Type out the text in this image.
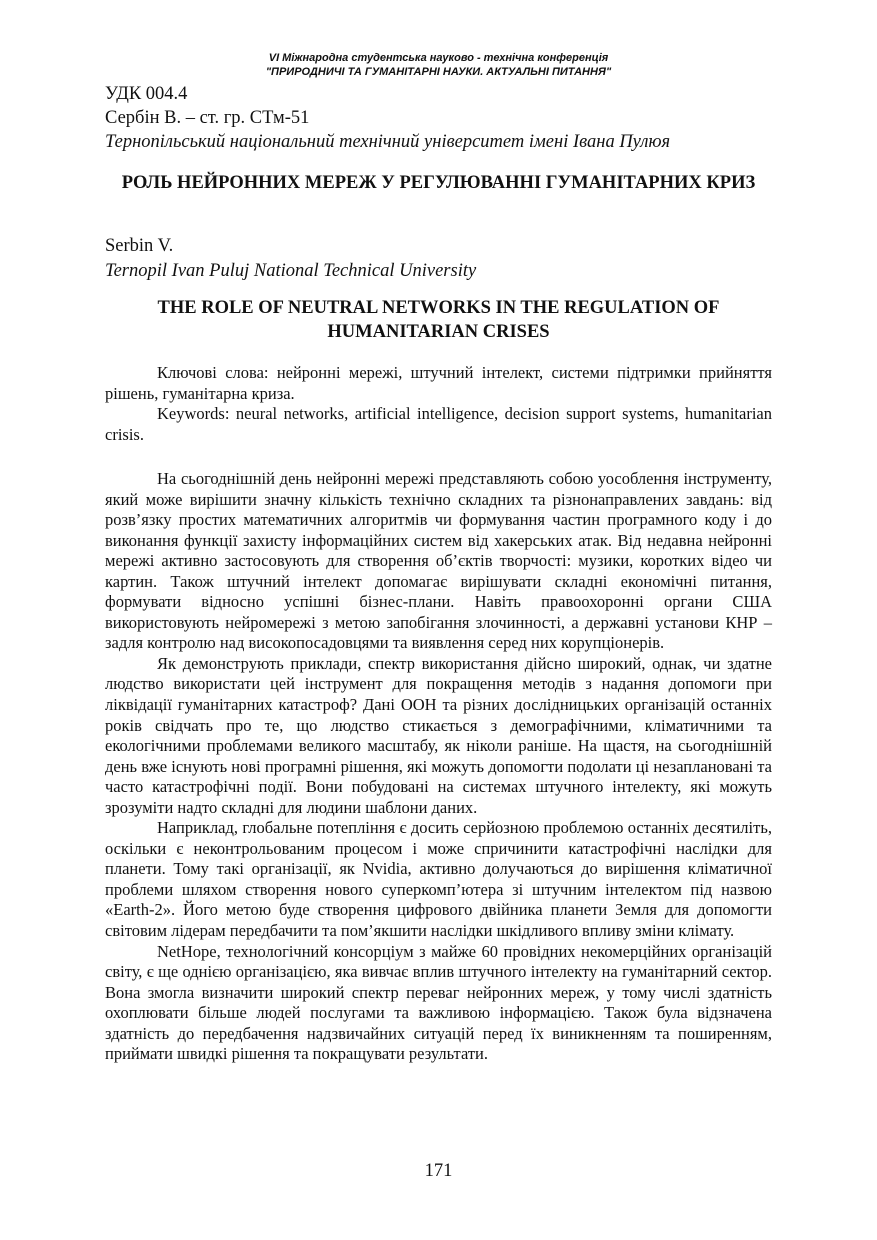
VI Міжнародна студентська науково - технічна конференція
"ПРИРОДНИЧІ ТА ГУМАНІТАРНІ НАУКИ. АКТУАЛЬНІ ПИТАННЯ"
УДК 004.4
Сербін В. – ст. гр. СТм-51
Тернопільський національний технічний університет імені Івана Пулюя
РОЛЬ НЕЙРОННИХ МЕРЕЖ У РЕГУЛЮВАННІ ГУМАНІТАРНИХ КРИЗ
Serbin V.
Ternopil Ivan Puluj National Technical University
THE ROLE OF NEUTRAL NETWORKS IN THE REGULATION OF HUMANITARIAN CRISES

Ключові слова: нейронні мережі, штучний інтелект, системи підтримки прийняття рішень, гуманітарна криза.

Keywords: neural networks, artificial intelligence, decision support systems, humanitarian crisis.

На сьогоднішній день нейронні мережі представляють собою уособлення інструменту, який може вирішити значну кількість технічно складних та різнонаправлених завдань: від розв’язку простих математичних алгоритмів чи формування частин програмного коду і до виконання функції захисту інформаційних систем від хакерських атак. Від недавна нейронні мережі активно застосовують для створення об’єктів творчості: музики, коротких відео чи картин. Також штучний інтелект допомагає вирішувати складні економічні питання, формувати відносно успішні бізнес-плани. Навіть правоохоронні органи США використовують нейромережі з метою запобігання злочинності, а державні установи КНР – задля контролю над високопосадовцями та виявлення серед них корупціонерів.

Як демонструють приклади, спектр використання дійсно широкий, однак, чи здатне людство використати цей інструмент для покращення методів з надання допомоги при ліквідації гуманітарних катастроф? Дані ООН та різних дослідницьких організацій останніх років свідчать про те, що людство стикається з демографічними, кліматичними та екологічними проблемами великого масштабу, як ніколи раніше. На щастя, на сьогоднішній день вже існують нові програмні рішення, які можуть допомогти подолати ці незаплановані та часто катастрофічні події. Вони побудовані на системах штучного інтелекту, які можуть зрозуміти надто складні для людини шаблони даних.

Наприклад, глобальне потепління є досить серйозною проблемою останніх десятиліть, оскільки є неконтрольованим процесом і може спричинити катастрофічні наслідки для планети. Тому такі організації, як Nvidia, активно долучаються до вирішення кліматичної проблеми шляхом створення нового суперкомп’ютера зі штучним інтелектом під назвою «Earth-2». Його метою буде створення цифрового двійника планети Земля для допомогти світовим лідерам передбачити та пом’якшити наслідки шкідливого впливу зміни клімату.

NetHope, технологічний консорціум з майже 60 провідних некомерційних організацій світу, є ще однією організацією, яка вивчає вплив штучного інтелекту на гуманітарний сектор. Вона змогла визначити широкий спектр переваг нейронних мереж, у тому числі здатність охоплювати більше людей послугами та важливою інформацією. Також була відзначена здатність до передбачення надзвичайних ситуацій перед їх виникненням та поширенням, приймати швидкі рішення та покращувати результати.

171
